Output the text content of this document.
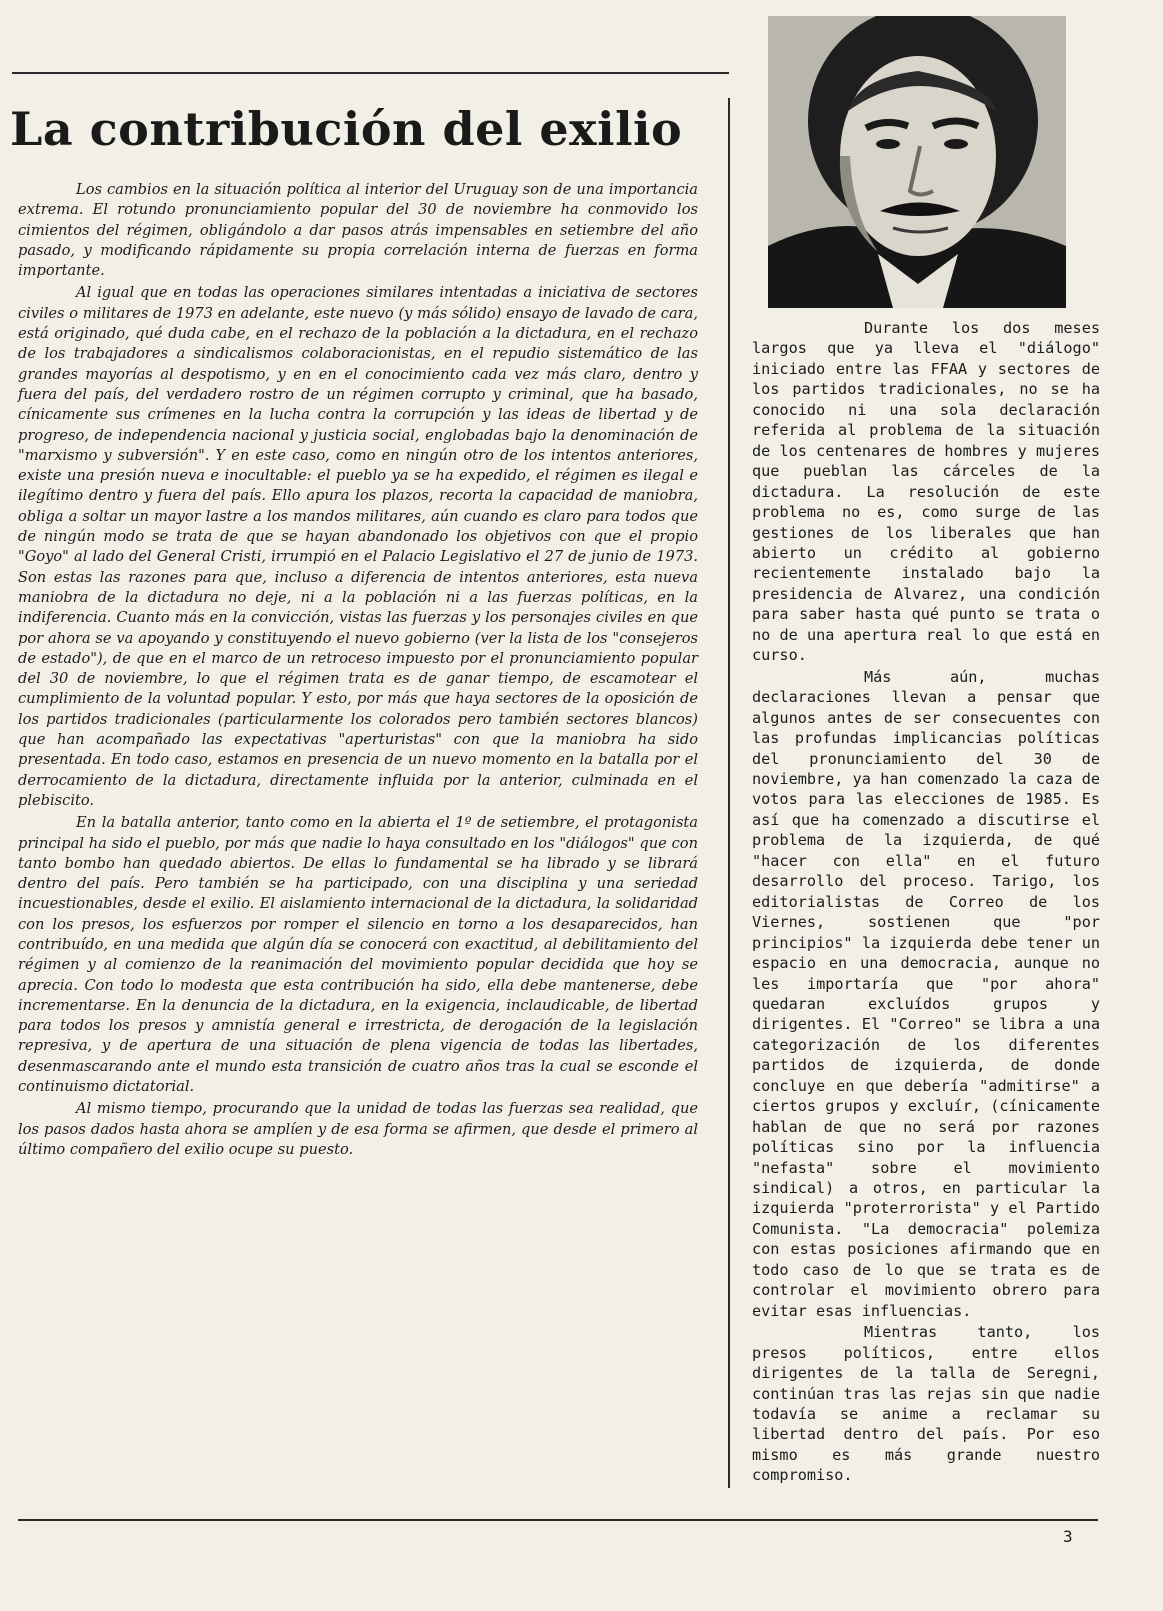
La contribución del exilio

Los cambios en la situación política al interior del Uruguay son de una importancia extrema. El rotundo pronunciamiento popular del 30 de noviembre ha conmovido los cimientos del régimen, obligándolo a dar pasos atrás impensables en setiembre del año pasado, y modificando rápidamente su propia correlación interna de fuerzas en forma importante.

Al igual que en todas las operaciones similares intentadas a iniciativa de sectores civiles o militares de 1973 en adelante, este nuevo (y más sólido) ensayo de lavado de cara, está originado, qué duda cabe, en el rechazo de la población a la dictadura, en el rechazo de los trabajadores a sindicalismos colaboracionistas, en el repudio sistemático de las grandes mayorías al despotismo, y en en el conocimiento cada vez más claro, dentro y fuera del país, del verdadero rostro de un régimen corrupto y criminal, que ha basado, cínicamente sus crímenes en la lucha contra la corrupción y las ideas de libertad y de progreso, de independencia nacional y justicia social, englobadas bajo la denominación de "marxismo y subversión". Y en este caso, como en ningún otro de los intentos anteriores, existe una presión nueva e inocultable: el pueblo ya se ha expedido, el régimen es ilegal e ilegítimo dentro y fuera del país. Ello apura los plazos, recorta la capacidad de maniobra, obliga a soltar un mayor lastre a los mandos militares, aún cuando es claro para todos que de ningún modo se trata de que se hayan abandonado los objetivos con que el propio "Goyo" al lado del General Cristi, irrumpió en el Palacio Legislativo el 27 de junio de 1973. Son estas las razones para que, incluso a diferencia de intentos anteriores, esta nueva maniobra de la dictadura no deje, ni a la población ni a las fuerzas políticas, en la indiferencia. Cuanto más en la convicción, vistas las fuerzas y los personajes civiles en que por ahora se va apoyando y constituyendo el nuevo gobierno (ver la lista de los "consejeros de estado"), de que en el marco de un retroceso impuesto por el pronunciamiento popular del 30 de noviembre, lo que el régimen trata es de ganar tiempo, de escamotear el cumplimiento de la voluntad popular. Y esto, por más que haya sectores de la oposición de los partidos tradicionales (particularmente los colorados pero también sectores blancos) que han acompañado las expectativas "aperturistas" con que la maniobra ha sido presentada. En todo caso, estamos en presencia de un nuevo momento en la batalla por el derrocamiento de la dictadura, directamente influida por la anterior, culminada en el plebiscito.

En la batalla anterior, tanto como en la abierta el 1º de setiembre, el protagonista principal ha sido el pueblo, por más que nadie lo haya consultado en los "diálogos" que con tanto bombo han quedado abiertos. De ellas lo fundamental se ha librado y se librará dentro del país. Pero también se ha participado, con una disciplina y una seriedad incuestionables, desde el exilio. El aislamiento internacional de la dictadura, la solidaridad con los presos, los esfuerzos por romper el silencio en torno a los desaparecidos, han contribuído, en una medida que algún día se conocerá con exactitud, al debilitamiento del régimen y al comienzo de la reanimación del movimiento popular decidida que hoy se aprecia. Con todo lo modesta que esta contribución ha sido, ella debe mantenerse, debe incrementarse. En la denuncia de la dictadura, en la exigencia, inclaudicable, de libertad para todos los presos y amnistía general e irrestricta, de derogación de la legislación represiva, y de apertura de una situación de plena vigencia de todas las libertades, desenmascarando ante el mundo esta transición de cuatro años tras la cual se esconde el continuismo dictatorial.

Al mismo tiempo, procurando que la unidad de todas las fuerzas sea realidad, que los pasos dados hasta ahora se amplíen y de esa forma se afirmen, que desde el primero al último compañero del exilio ocupe su puesto.

Durante los dos meses largos que ya lleva el "diálogo" iniciado entre las FFAA y sectores de los partidos tradicionales, no se ha conocido ni una sola declaración referida al problema de la situación de los centenares de hombres y mujeres que pueblan las cárceles de la dictadura. La resolución de este problema no es, como surge de las gestiones de los liberales que han abierto un crédito al gobierno recientemente instalado bajo la presidencia de Alvarez, una condición para saber hasta qué punto se trata o no de una apertura real lo que está en curso.

Más aún, muchas declaraciones llevan a pensar que algunos antes de ser consecuentes con las profundas implicancias políticas del pronunciamiento del 30 de noviembre, ya han comenzado la caza de votos para las elecciones de 1985. Es así que ha comenzado a discutirse el problema de la izquierda, de qué "hacer con ella" en el futuro desarrollo del proceso. Tarigo, los editorialistas de Correo de los Viernes, sostienen que "por principios" la izquierda debe tener un espacio en una democracia, aunque no les importaría que "por ahora" quedaran excluídos grupos y dirigentes. El "Correo" se libra a una categorización de los diferentes partidos de izquierda, de donde concluye en que debería "admitirse" a ciertos grupos y excluír, (cínicamente hablan de que no será por razones políticas sino por la influencia "nefasta" sobre el movimiento sindical) a otros, en particular la izquierda "proterrorista" y el Partido Comunista. "La democracia" polemiza con estas posiciones afirmando que en todo caso de lo que se trata es de controlar el movimiento obrero para evitar esas influencias.

Mientras tanto, los presos políticos, entre ellos dirigentes de la talla de Seregni, continúan tras las rejas sin que nadie todavía se anime a reclamar su libertad dentro del país. Por eso mismo es más grande nuestro compromiso.

3
